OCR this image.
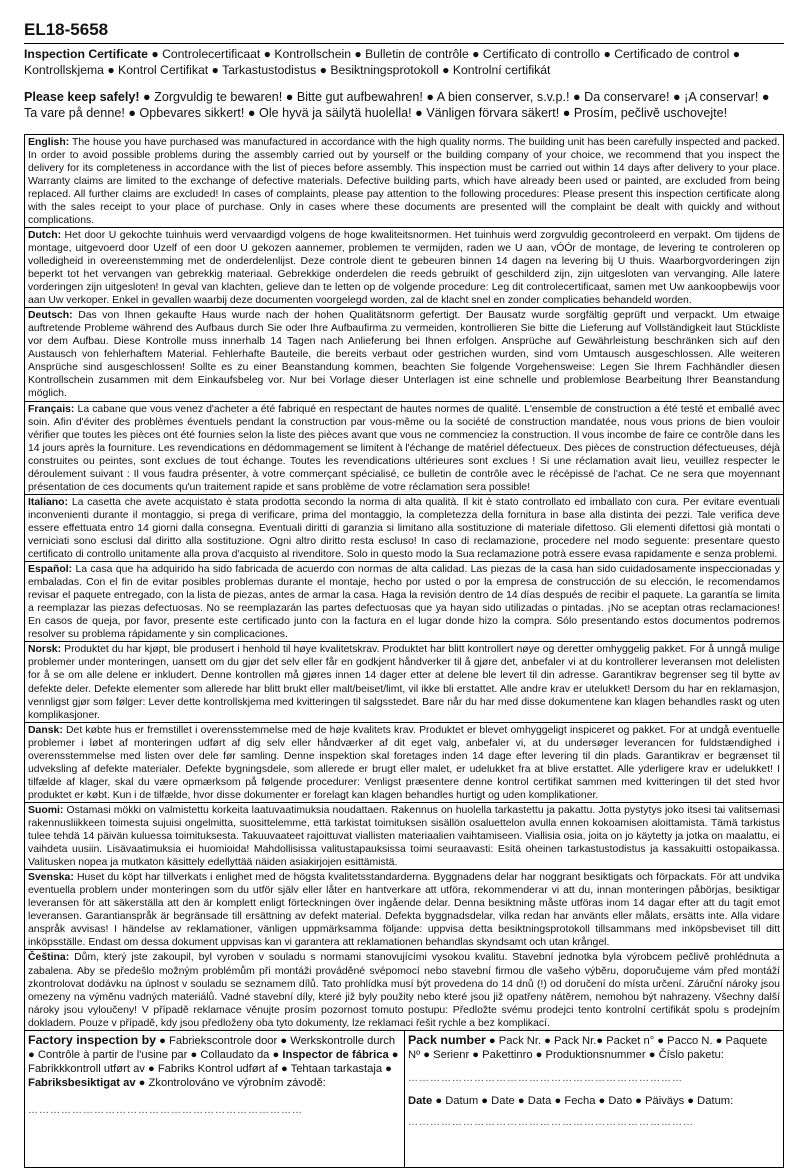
EL18-5658

Inspection Certificate ● Controlecertificaat ● Kontrollschein ● Bulletin de contrôle ● Certificato di controllo ● Certificado de control ● Kontrollskjema ● Kontrol Certifikat ● Tarkastustodistus ● Besiktningsprotokoll ● Kontrolní certifikát

Please keep safely! ● Zorgvuldig te bewaren! ● Bitte gut aufbewahren! ● A bien conserver, s.v.p.! ● Da conservare! ● ¡A conservar! ● Ta vare på denne! ● Opbevares sikkert! ● Ole hyvä ja säilytä huolella! ● Vänligen förvara säkert! ● Prosím, pečlivě uschovejte!

English: The house you have purchased was manufactured in accordance with the high quality norms. The building unit has been carefully inspected and packed. In order to avoid possible problems during the assembly carried out by yourself or the building company of your choice, we recommend that you inspect the delivery for its completeness in accordance with the list of pieces before assembly. This inspection must be carried out within 14 days after delivery to your place. Warranty claims are limited to the exchange of defective materials. Defective building parts, which have already been used or painted, are excluded from being replaced. All further claims are excluded! In cases of complaints, please pay attention to the following procedures: Please present this inspection certificate along with the sales receipt to your place of purchase. Only in cases where these documents are presented will the complaint be dealt with quickly and without complications.
Dutch: Het door U gekochte tuinhuis werd vervaardigd volgens de hoge kwaliteitsnormen. Het tuinhuis werd zorgvuldig gecontroleerd en verpakt. Om tijdens de montage, uitgevoerd door Uzelf of een door U gekozen aannemer, problemen te vermijden, raden we U aan, vÓÓr de montage, de levering te controleren op volledigheid in overeenstemming met de onderdelenlijst. Deze controle dient te gebeuren binnen 14 dagen na levering bij U thuis. Waarborgvorderingen zijn beperkt tot het vervangen van gebrekkig materiaal. Gebrekkige onderdelen die reeds gebruikt of geschilderd zijn, zijn uitgesloten van vervanging. Alle latere vorderingen zijn uitgesloten! In geval van klachten, gelieve dan te letten op de volgende procedure: Leg dit controlecertificaat, samen met Uw aankoopbewijs voor aan Uw verkoper. Enkel in gevallen waarbij deze documenten voorgelegd worden, zal de klacht snel en zonder complicaties behandeld worden.
Deutsch: Das von Ihnen gekaufte Haus wurde nach der hohen Qualitätsnorm gefertigt. Der Bausatz wurde sorgfältig geprüft und verpackt. Um etwaige auftretende Probleme während des Aufbaus durch Sie oder Ihre Aufbaufirma zu vermeiden, kontrollieren Sie bitte die Lieferung auf Vollständigkeit laut Stückliste vor dem Aufbau. Diese Kontrolle muss innerhalb 14 Tagen nach Anlieferung bei Ihnen erfolgen. Ansprüche auf Gewährleistung beschränken sich auf den Austausch von fehlerhaftem Material. Fehlerhafte Bauteile, die bereits verbaut oder gestrichen wurden, sind vom Umtausch ausgeschlossen. Alle weiteren Ansprüche sind ausgeschlossen! Sollte es zu einer Beanstandung kommen, beachten Sie folgende Vorgehensweise: Legen Sie Ihrem Fachhändler diesen Kontrollschein zusammen mit dem Einkaufsbeleg vor. Nur bei Vorlage dieser Unterlagen ist eine schnelle und problemlose Bearbeitung Ihrer Beanstandung möglich.
Français: La cabane que vous venez d'acheter a été fabriqué en respectant de hautes normes de qualité. L'ensemble de construction a été testé et emballé avec soin. Afin d'éviter des problèmes éventuels pendant la construction par vous-même ou la société de construction mandatée, nous vous prions de bien vouloir vérifier que toutes les pièces ont été fournies selon la liste des pièces avant que vous ne commenciez la construction. Il vous incombe de faire ce contrôle dans les 14 jours après la fourniture. Les revendications en dédommagement se limitent à l'échange de matériel défectueux. Des pièces de construction défectueuses, déjà construites ou peintes, sont exclues de tout échange. Toutes les revendications ultérieures sont exclues ! Si une réclamation avait lieu, veuillez respecter le déroulement suivant : Il vous faudra présenter, à votre commerçant spécialisé, ce bulletin de contrôle avec le récépissé de l'achat. Ce ne sera que moyennant présentation de ces documents qu'un traitement rapide et sans problème de votre réclamation sera possible!
Italiano: La casetta che avete acquistato è stata prodotta secondo la norma di alta qualità. Il kit è stato controllato ed imballato con cura. Per evitare eventuali inconvenienti durante il montaggio, si prega di verificare, prima del montaggio, la completezza della fornitura in base alla distinta dei pezzi. Tale verifica deve essere effettuata entro 14 giorni dalla consegna. Eventuali diritti di garanzia si limitano alla sostituzione di materiale difettoso. Gli elementi difettosi già montati o verniciati sono esclusi dal diritto alla sostituzione. Ogni altro diritto resta escluso! In caso di reclamazione, procedere nel modo seguente: presentare questo certificato di controllo unitamente alla prova d'acquisto al rivenditore. Solo in questo modo la Sua reclamazione potrà essere evasa rapidamente e senza problemi.
Español: La casa que ha adquirido ha sido fabricada de acuerdo con normas de alta calidad. Las piezas de la casa han sido cuidadosamente inspeccionadas y embaladas. Con el fin de evitar posibles problemas durante el montaje, hecho por usted o por la empresa de construcción de su elección, le recomendamos revisar el paquete entregado, con la lista de piezas, antes de armar la casa. Haga la revisión dentro de 14 días después de recibir el paquete. La garantía se limita a reemplazar las piezas defectuosas. No se reemplazarán las partes defectuosas que ya hayan sido utilizadas o pintadas. ¡No se aceptan otras reclamaciones! En casos de queja, por favor, presente este certificado junto con la factura en el lugar donde hizo la compra. Sólo presentando estos documentos podremos resolver su problema rápidamente y sin complicaciones.
Norsk: Produktet du har kjøpt, ble produsert i henhold til høye kvalitetskrav. Produktet har blitt kontrollert nøye og deretter omhyggelig pakket. For å unngå mulige problemer under monteringen, uansett om du gjør det selv eller får en godkjent håndverker til å gjøre det, anbefaler vi at du kontrollerer leveransen mot delelisten for å se om alle delene er inkludert. Denne kontrollen må gjøres innen 14 dager etter at delene ble levert til din adresse. Garantikrav begrenser seg til bytte av defekte deler. Defekte elementer som allerede har blitt brukt eller malt/beiset/limt, vil ikke bli erstattet. Alle andre krav er utelukket! Dersom du har en reklamasjon, vennligst gjør som følger: Lever dette kontrollskjema med kvitteringen til salgsstedet. Bare når du har med disse dokumentene kan klagen behandles raskt og uten komplikasjoner.
Dansk: Det købte hus er fremstillet i overensstemmelse med de høje kvalitets krav. Produktet er blevet omhyggeligt inspiceret og pakket. For at undgå eventuelle problemer i løbet af monteringen udført af dig selv eller håndværker af dit eget valg, anbefaler vi, at du undersøger leverancen for fuldstændighed i overensstemmelse med listen over dele før samling. Denne inspektion skal foretages inden 14 dage efter levering til din plads. Garantikrav er begrænset til udveksling af defekte materialer. Defekte bygningsdele, som allerede er brugt eller malet, er udelukket fra at blive erstattet. Alle yderligere krav er udelukket! I tilfælde af klager, skal du være opmærksom på følgende procedurer: Venligst præsentere denne kontrol certifikat sammen med kvitteringen til det sted hvor produktet er købt. Kun i de tilfælde, hvor disse dokumenter er forelagt kan klagen behandles hurtigt og uden komplikationer.
Suomi: Ostamasi mökki on valmistettu korkeita laatuvaatimuksia noudattaen. Rakennus on huolella tarkastettu ja pakattu. Jotta pystytys joko itsesi tai valitsemasi rakennusliikkeen toimesta sujuisi ongelmitta, suosittelemme, että tarkistat toimituksen sisällön osaluettelon avulla ennen kokoamisen aloittamista. Tämä tarkistus tulee tehdä 14 päivän kuluessa toimituksesta. Takuuvaateet rajoittuvat viallisten materiaalien vaihtamiseen. Viallisia osia, joita on jo käytetty ja jotka on maalattu, ei vaihdeta uusiin. Lisävaatimuksia ei huomioida! Mahdollisissa valitustapauksissa toimi seuraavasti: Esitä oheinen tarkastustodistus ja kassakuitti ostopaikassa. Valitusken nopea ja mutkaton käsittely edellyttää näiden asiakirjojen esittämistä.
Svenska: Huset du köpt har tillverkats i enlighet med de högsta kvalitetsstandarderna. Byggnadens delar har noggrant besiktigats och förpackats. För att undvika eventuella problem under monteringen som du utför själv eller låter en hantverkare att utföra, rekommenderar vi att du, innan monteringen påbörjas, besiktigar leveransen för att säkerställa att den är komplett enligt förteckningen över ingående delar. Denna besiktning måste utföras inom 14 dagar efter att du tagit emot leveransen. Garantianspråk är begränsade till ersättning av defekt material. Defekta byggnadsdelar, vilka redan har använts eller målats, ersätts inte. Alla vidare anspråk avvisas! I händelse av reklamationer, vänligen uppmärksamma följande: uppvisa detta besiktningsprotokoll tillsammans med inköpsbeviset till ditt inköpsställe. Endast om dessa dokument uppvisas kan vi garantera att reklamationen behandlas skyndsamt och utan krångel.
Čeština: Dům, který jste zakoupil, byl vyroben v souladu s normami stanovujícími vysokou kvalitu. Stavební jednotka byla výrobcem pečlivě prohlédnuta a zabalena. Aby se předešlo možným problémům při montáži prováděné svépomocí nebo stavební firmou dle vašeho výběru, doporučujeme vám před montáží zkontrolovat dodávku na úplnost v souladu se seznamem dílů. Tato prohlídka musí být provedena do 14 dnů (!) od doručení do místa určení. Záruční nároky jsou omezeny na výměnu vadných materiálů. Vadné stavební díly, které již byly použity nebo které jsou již opatřeny nátěrem, nemohou být nahrazeny. Všechny další nároky jsou vyloučeny! V případě reklamace věnujte prosím pozornost tomuto postupu: Předložte svému prodejci tento kontrolní certifikát spolu s prodejním dokladem. Pouze v případě, kdy jsou předloženy oba tyto dokumenty, lze reklamaci řešit rychle a bez komplikací.
Factory inspection by ● Fabriekscontrole door ● Werkskontrolle durch ● Contrôle à partir de l'usine par ● Collaudato da ● Inspector de fábrica ● Fabrikkkontroll utført av ● Fabriks Kontrol udført af ● Tehtaan tarkastaja ● Fabriksbesiktigat av ● Zkontrolováno ve výrobním závodě:
…………………………………………………………………
Pack number ● Pack Nr. ● Pack Nr.● Packet n° ● Pacco N. ● Paquete Nº ● Serienr ● Pakettinro ● Produktionsnummer ● Číslo paketu:
…………………………………………………………………
Date ● Datum ● Date ● Data ● Fecha ● Dato ● Päiväys ● Datum:
……………………………………………………………………
